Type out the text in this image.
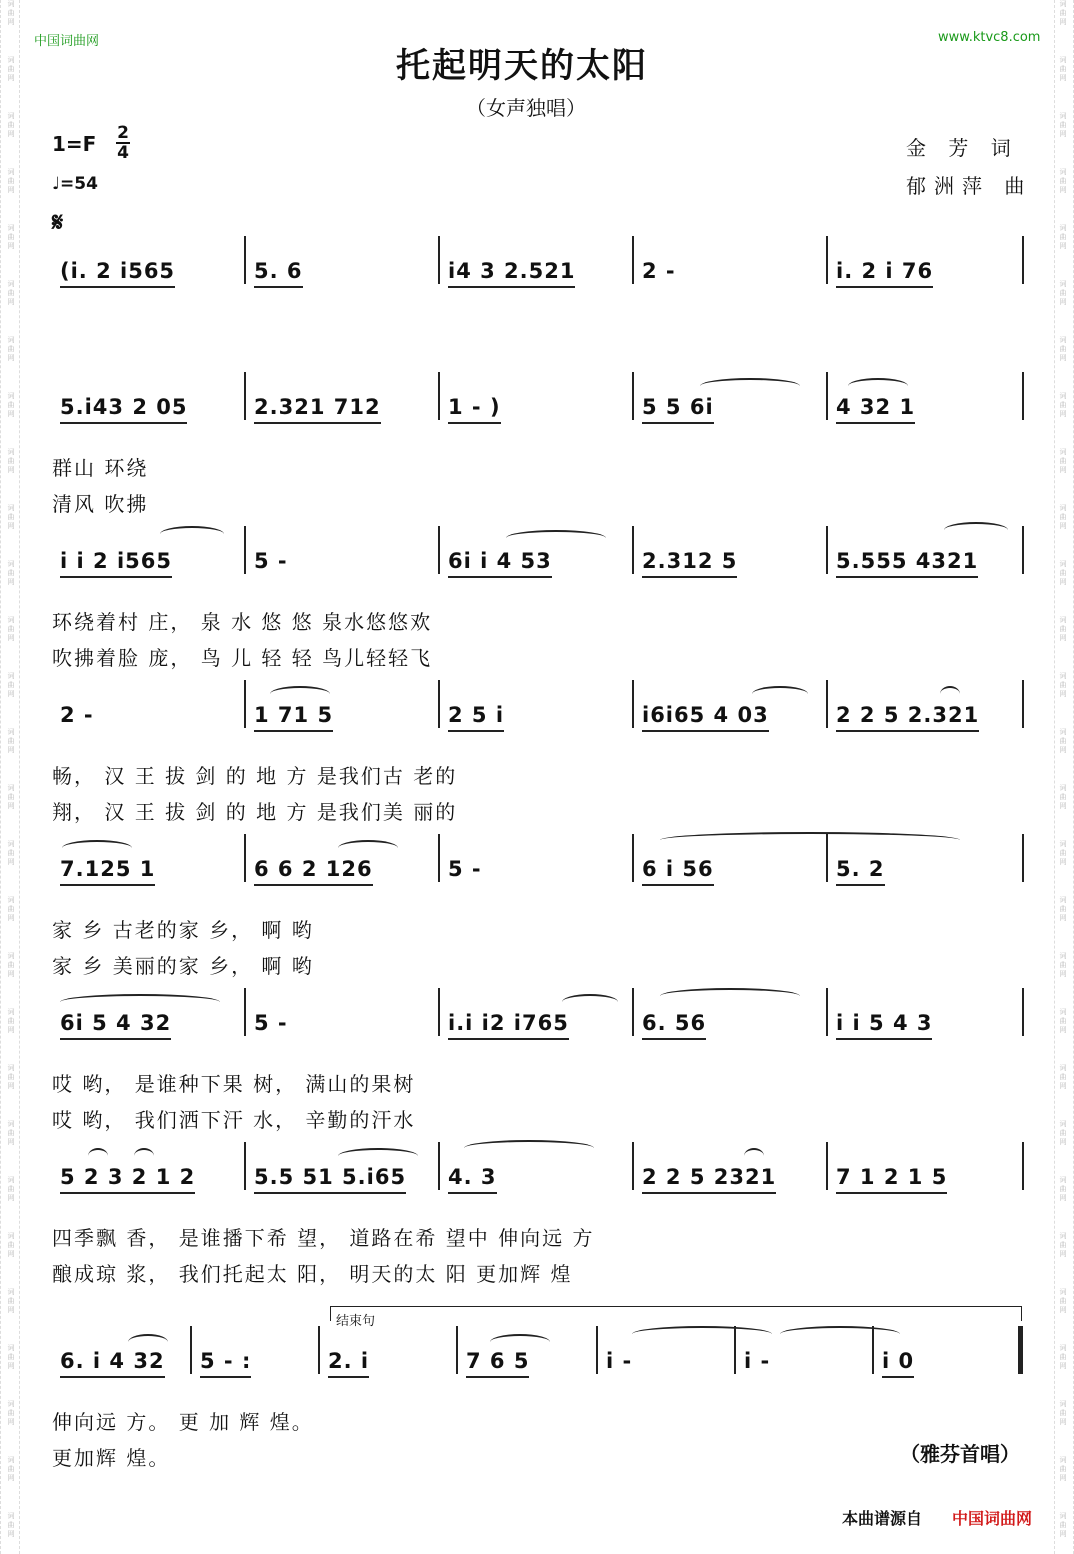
词
曲
网
词
曲
网
词
曲
网
词
曲
网
词
曲
网
词
曲
网
词
曲
网
词
曲
网
词
曲
网
词
曲
网
词
曲
网
词
曲
网
词
曲
网
词
曲
网
词
曲
网
词
曲
网
词
曲
网
词
曲
网
词
曲
网
词
曲
网
词
曲
网
词
曲
网
词
曲
网
词
曲
网
词
曲
网
词
曲
网
词
曲
网
词
曲
网
词
曲
网
词
曲
网
词
曲
网
词
曲
网
词
曲
网
词
曲
网
词
曲
网
词
曲
网
词
曲
网
词
曲
网
词
曲
网
词
曲
网
词
曲
网
词
曲
网
词
曲
网
词
曲
网
词
曲
网
词
曲
网
词
曲
网
词
曲
网
词
曲
网
词
曲
网
词
曲
网
词
曲
网
词
曲
网
词
曲
网
词
曲
网
词
曲
网
中国词曲网	www.ktvc8.com
托起明天的太阳
（女声独唱）
1=F 2
4
♩=54
𝄋
金 芳 词
郁洲萍 曲
(i. 2 i565	5. 6	i4 3 2.521	2 -	i. 2 i 76
5.i43 2 05	2.321 712	1 - )	5 5 6i	4 32 1
群山 环绕
清风 吹拂
i i 2 i565	5 -	6i i 4 53	2.312 5	5.555 4321
环绕着村 庄， 泉 水 悠 悠 泉水悠悠欢
吹拂着脸 庞， 鸟 儿 轻 轻 鸟儿轻轻飞
2 -	1 71 5	2 5 i	i6i65 4 03	2 2 5 2.321
畅， 汉 王 拔 剑 的 地 方 是我们古 老的
翔， 汉 王 拔 剑 的 地 方 是我们美 丽的
7.125 1	6 6 2 126	5 -	6 i 56	5. 2
家 乡 古老的家 乡， 啊 哟
家 乡 美丽的家 乡， 啊 哟
6i 5 4 32	5 -	i.i i2 i765	6. 56	i i 5 4 3
哎 哟， 是谁种下果 树， 满山的果树
哎 哟， 我们洒下汗 水， 辛勤的汗水
5 2 3 2 1 2	5.5 51 5.i65 4. 3	2 2 5 2321	7 1 2 1 5
四季飘 香， 是谁播下希 望， 道路在希 望中 伸向远 方
酿成琼 浆， 我们托起太 阳， 明天的太 阳 更加辉 煌
6. i 4 32 5 - :	2. i	7 6 5	i -	i -	i 0
伸向远 方。 更 加 辉 煌。
更加辉 煌。
结束句
（雅芬首唱）
本曲谱源自 中国词曲网
